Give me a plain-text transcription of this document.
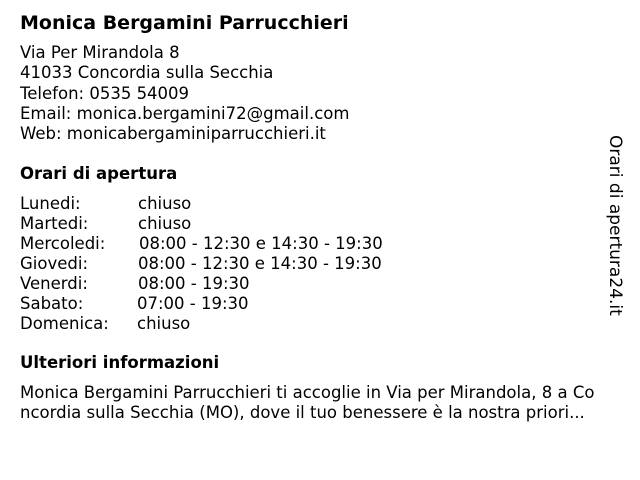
Monica Bergamini Parrucchieri
Via Per Mirandola 8
41033 Concordia sulla Secchia
Telefon: 0535 54009
Email: monica.bergamini72@gmail.com
Web: monicabergaminiparrucchieri.it
Orari di apertura
Lunedi:	chiuso
Martedi:	chiuso
Mercoledi: 08:00 - 12:30 e 14:30 - 19:30
Giovedi:	08:00 - 12:30 e 14:30 - 19:30
Venerdi:	08:00 - 19:30
Sabato:	07:00 - 19:30
Domenica: chiuso
Ulteriori informazioni
Monica Bergamini Parrucchieri ti accoglie in Via per Mirandola, 8 a Co
ncordia sulla Secchia (MO), dove il tuo benessere è la nostra priori...
Orari di apertura24.it
